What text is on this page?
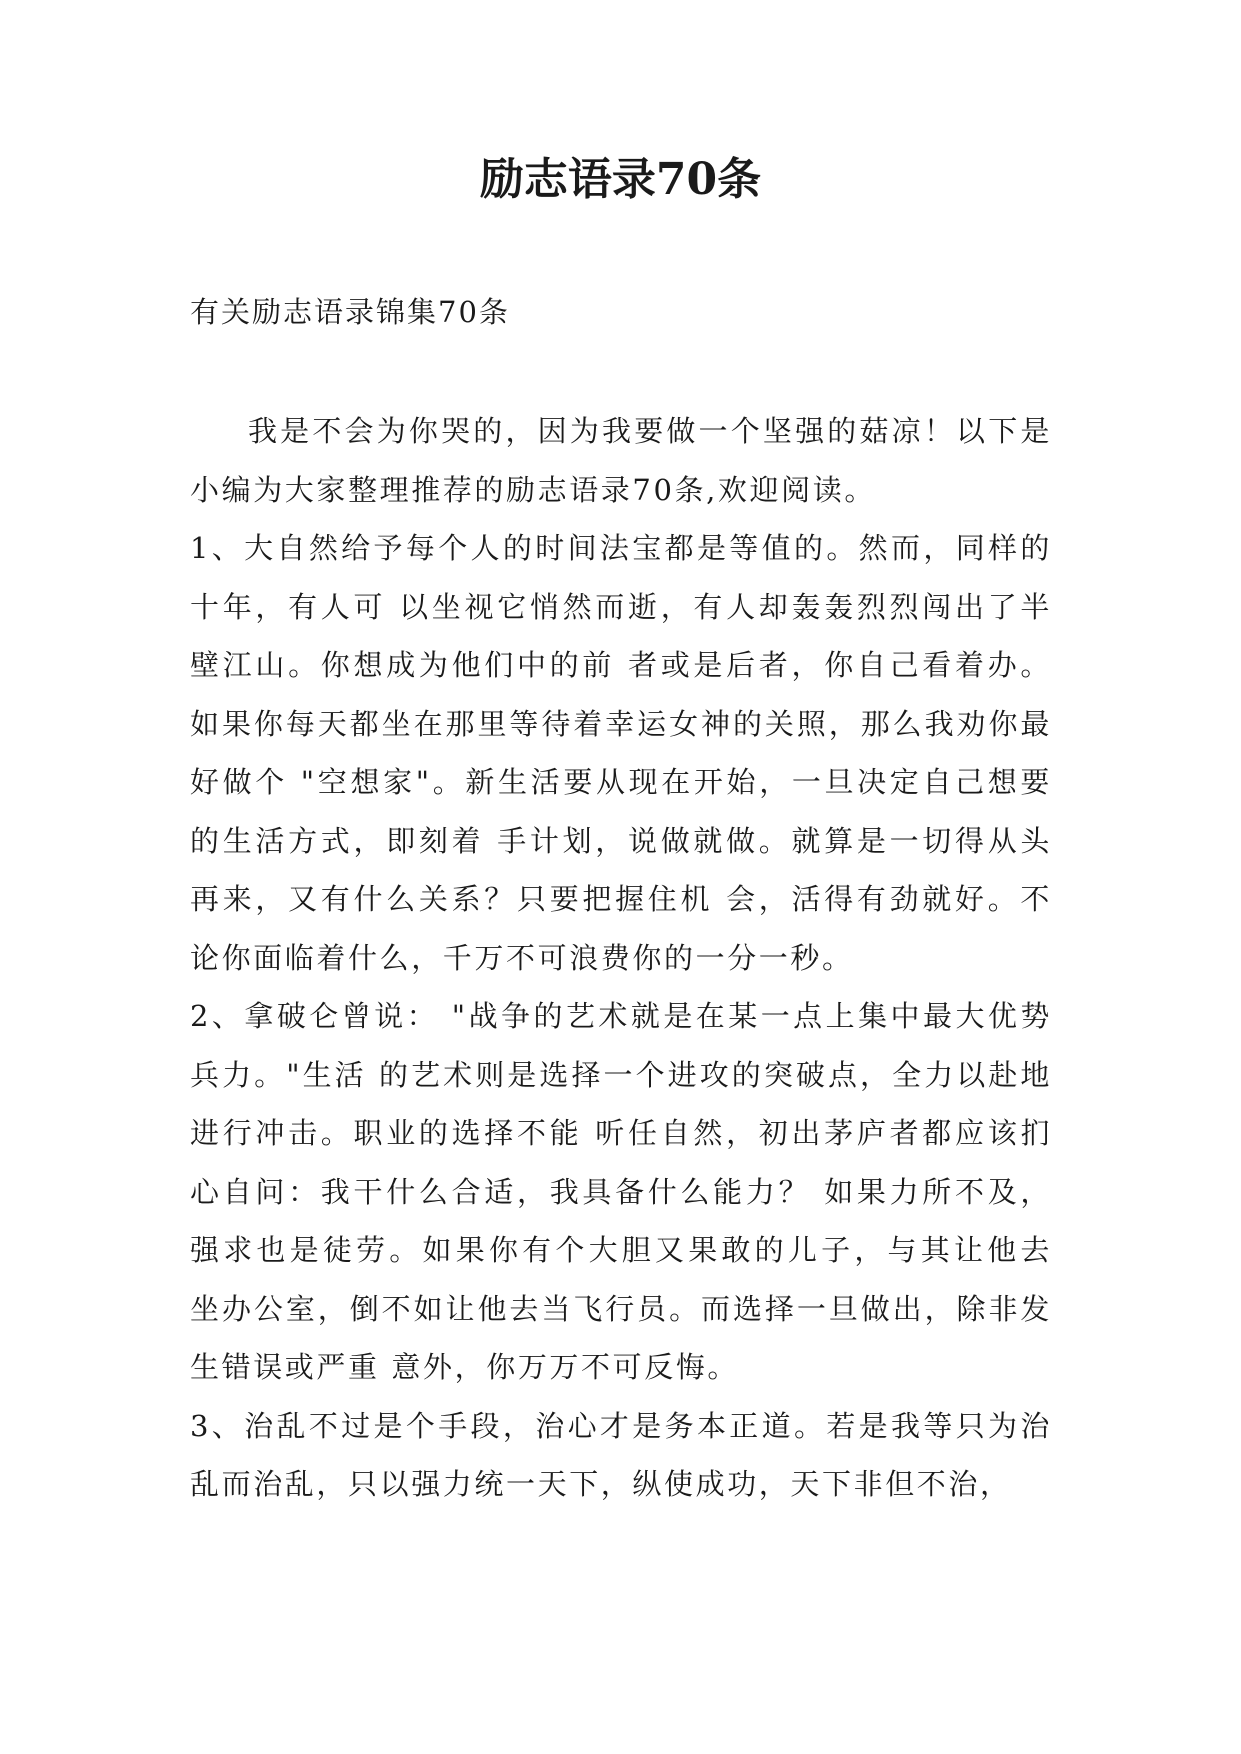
励志语录70条

有关励志语录锦集70条

我是不会为你哭的，因为我要做一个坚强的菇凉！以下是小编为大家整理推荐的励志语录70条,欢迎阅读。

1、大自然给予每个人的时间法宝都是等值的。然而，同样的十年，有人可 以坐视它悄然而逝，有人却轰轰烈烈闯出了半壁江山。你想成为他们中的前 者或是后者，你自己看着办。 如果你每天都坐在那里等待着幸运女神的关照，那么我劝你最好做个 "空想家"。新生活要从现在开始，一旦决定自己想要的生活方式，即刻着 手计划，说做就做。就算是一切得从头再来，又有什么关系？只要把握住机 会，活得有劲就好。不论你面临着什么，千万不可浪费你的一分一秒。

2、拿破仑曾说： "战争的艺术就是在某一点上集中最大优势兵力。"生活 的艺术则是选择一个进攻的突破点，全力以赴地进行冲击。职业的选择不能 听任自然，初出茅庐者都应该扪心自问：我干什么合适，我具备什么能力？ 如果力所不及，强求也是徒劳。如果你有个大胆又果敢的儿子，与其让他去 坐办公室，倒不如让他去当飞行员。而选择一旦做出，除非发生错误或严重 意外，你万万不可反悔。

3、治乱不过是个手段，治心才是务本正道。若是我等只为治乱而治乱，只以强力统一天下，纵使成功，天下非但不治，
